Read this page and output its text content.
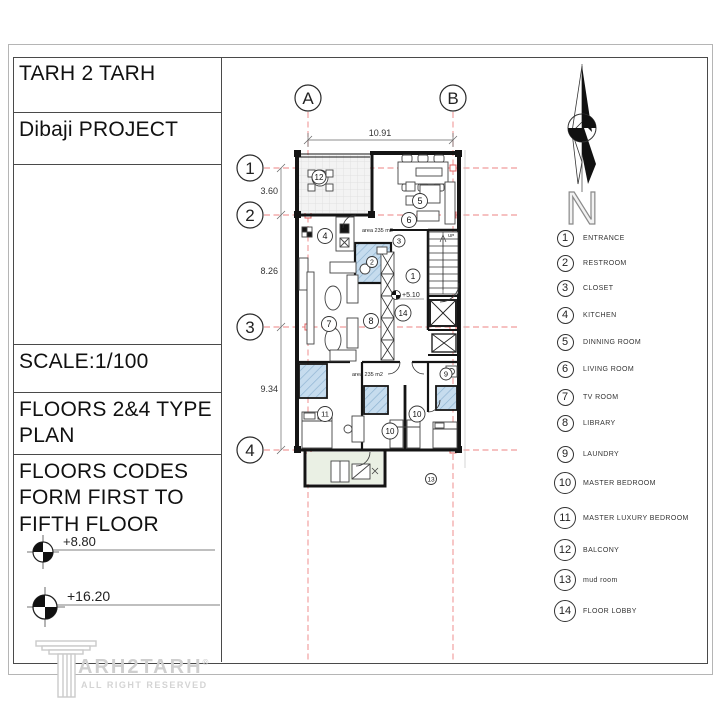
TARH 2 TARH
Dibaji PROJECT
SCALE:1/100
FLOORS 2&4 TYPE PLAN
FLOORS CODES FORM FIRST TO FIFTH FLOOR
+8.80
+16.20
ARH2TARH®
ALL RIGHT RESERVED
10.91
3.60
8.26
9.34
UP
A	B
1
2
3
4
+5.10
area 235 m2
area 235 m2
12
5
6
4	3
2
1
14
8
7
9
11
10
10
13
N
1	ENTRANCE
2	RESTROOM
3	CLOSET
4	KITCHEN
5	DINNING ROOM
6	LIVING ROOM
7	TV ROOM
8	LIBRARY
9	LAUNDRY
10	MASTER BEDROOM
11	MASTER LUXURY BEDROOM
12	BALCONY
13	mud room
14	FLOOR LOBBY
